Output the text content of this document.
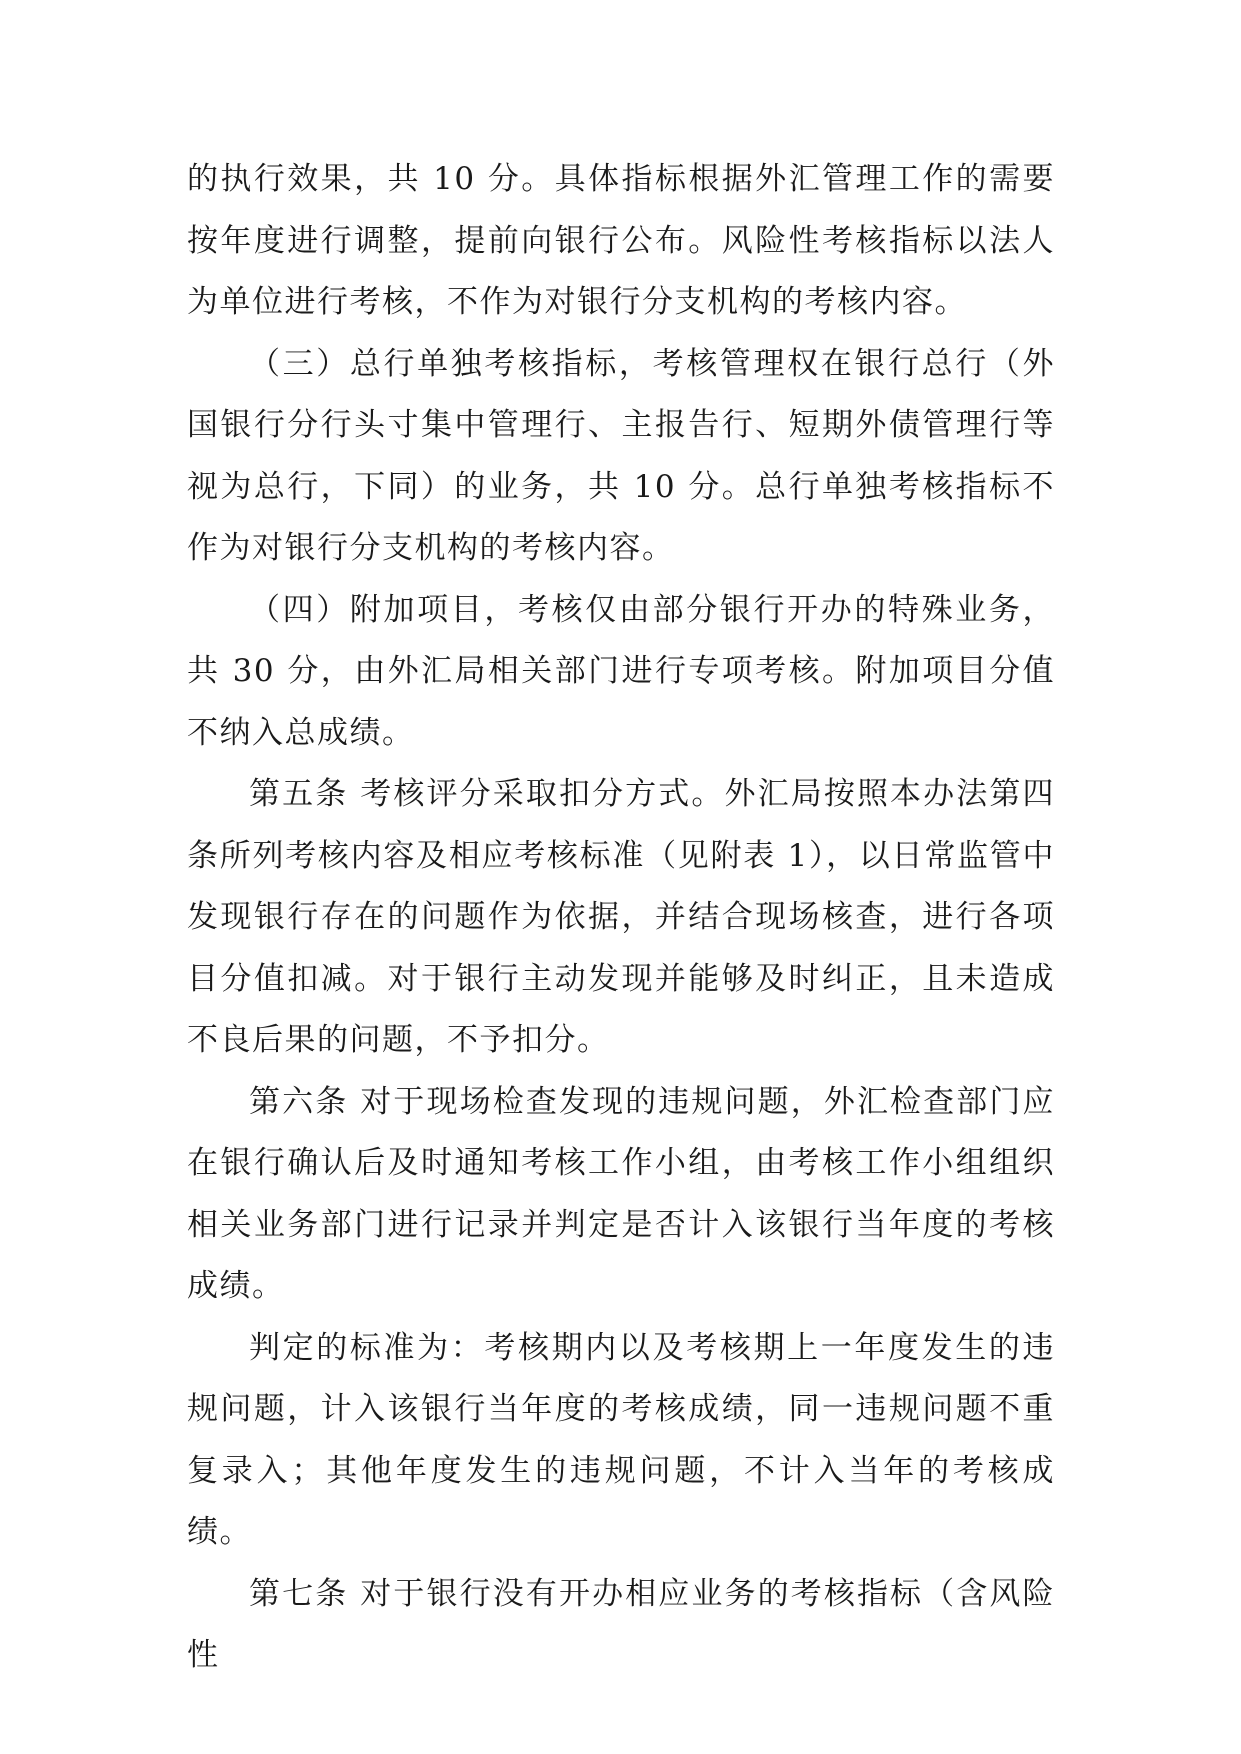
的执行效果，共 10 分。具体指标根据外汇管理工作的需要按年度进行调整，提前向银行公布。风险性考核指标以法人为单位进行考核，不作为对银行分支机构的考核内容。

（三）总行单独考核指标，考核管理权在银行总行（外国银行分行头寸集中管理行、主报告行、短期外债管理行等视为总行，下同）的业务，共 10 分。总行单独考核指标不作为对银行分支机构的考核内容。

（四）附加项目，考核仅由部分银行开办的特殊业务，共 30 分，由外汇局相关部门进行专项考核。附加项目分值不纳入总成绩。

第五条 考核评分采取扣分方式。外汇局按照本办法第四条所列考核内容及相应考核标准（见附表 1），以日常监管中发现银行存在的问题作为依据，并结合现场核查，进行各项目分值扣减。对于银行主动发现并能够及时纠正，且未造成不良后果的问题，不予扣分。

第六条 对于现场检查发现的违规问题，外汇检查部门应在银行确认后及时通知考核工作小组，由考核工作小组组织相关业务部门进行记录并判定是否计入该银行当年度的考核成绩。

判定的标准为：考核期内以及考核期上一年度发生的违规问题，计入该银行当年度的考核成绩，同一违规问题不重复录入；其他年度发生的违规问题，不计入当年的考核成绩。

第七条 对于银行没有开办相应业务的考核指标（含风险性
